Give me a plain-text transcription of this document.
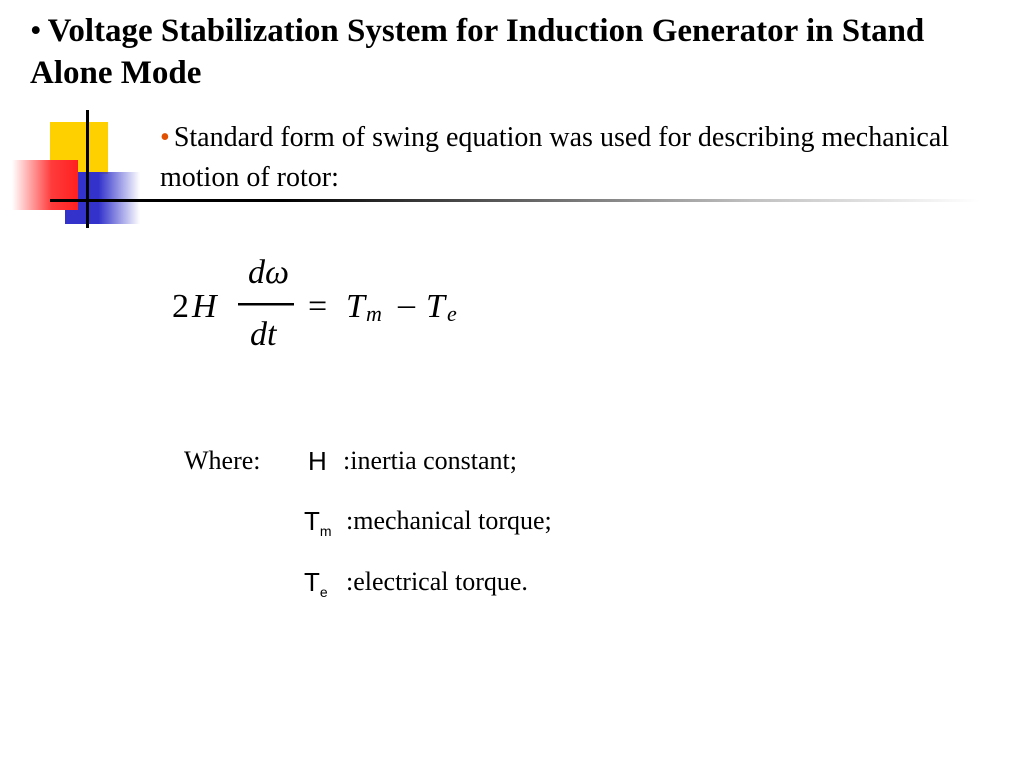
• Voltage Stabilization System for Induction Generator in Stand Alone Mode
• Standard form of swing equation was used for describing mechanical motion of rotor:
2 H
dω
dt
= T m – T e
Where: H :inertia constant;
$T_m$ :mechanical torque;
$T_e$ :electrical torque.
